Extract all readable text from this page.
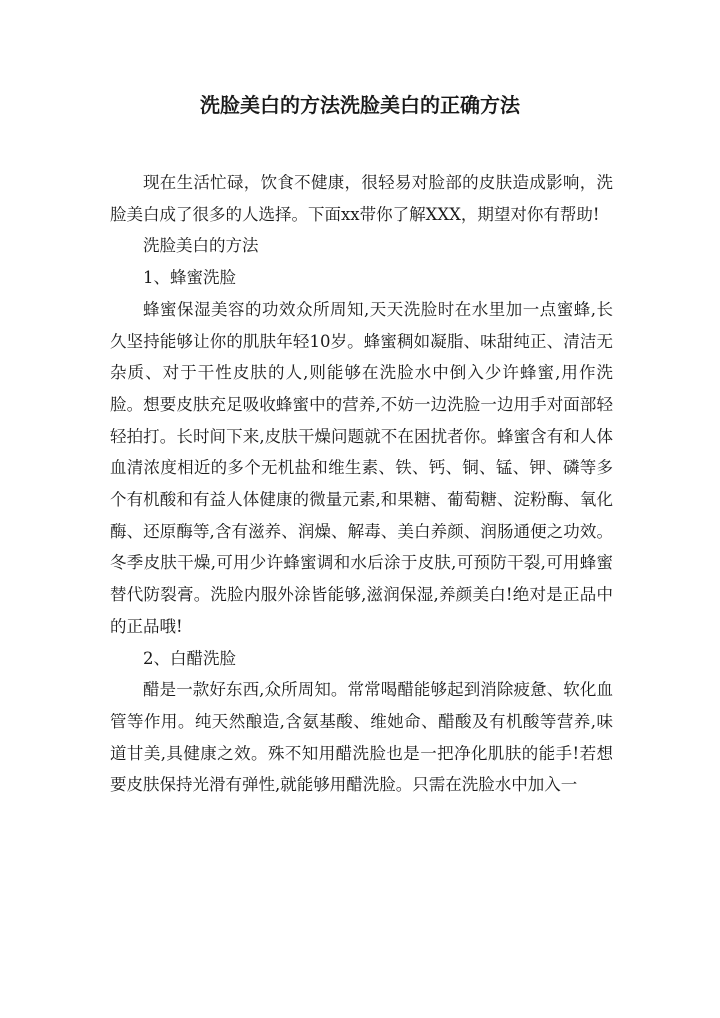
洗脸美白的方法洗脸美白的正确方法

现在生活忙碌，饮食不健康，很轻易对脸部的皮肤造成影响，洗脸美白成了很多的人选择。下面xx带你了解XXX，期望对你有帮助!

洗脸美白的方法

1、蜂蜜洗脸

蜂蜜保湿美容的功效众所周知,天天洗脸时在水里加一点蜜蜂,长久坚持能够让你的肌肤年轻10岁。蜂蜜稠如凝脂、味甜纯正、清洁无杂质、对于干性皮肤的人,则能够在洗脸水中倒入少许蜂蜜,用作洗脸。想要皮肤充足吸收蜂蜜中的营养,不妨一边洗脸一边用手对面部轻轻拍打。长时间下来,皮肤干燥问题就不在困扰者你。蜂蜜含有和人体血清浓度相近的多个无机盐和维生素、铁、钙、铜、锰、钾、磷等多个有机酸和有益人体健康的微量元素,和果糖、葡萄糖、淀粉酶、氧化酶、还原酶等,含有滋养、润燥、解毒、美白养颜、润肠通便之功效。冬季皮肤干燥,可用少许蜂蜜调和水后涂于皮肤,可预防干裂,可用蜂蜜替代防裂膏。洗脸内服外涂皆能够,滋润保湿,养颜美白!绝对是正品中的正品哦!

2、白醋洗脸

醋是一款好东西,众所周知。常常喝醋能够起到消除疲惫、软化血管等作用。纯天然酿造,含氨基酸、维她命、醋酸及有机酸等营养,味道甘美,具健康之效。殊不知用醋洗脸也是一把净化肌肤的能手!若想要皮肤保持光滑有弹性,就能够用醋洗脸。只需在洗脸水中加入一
